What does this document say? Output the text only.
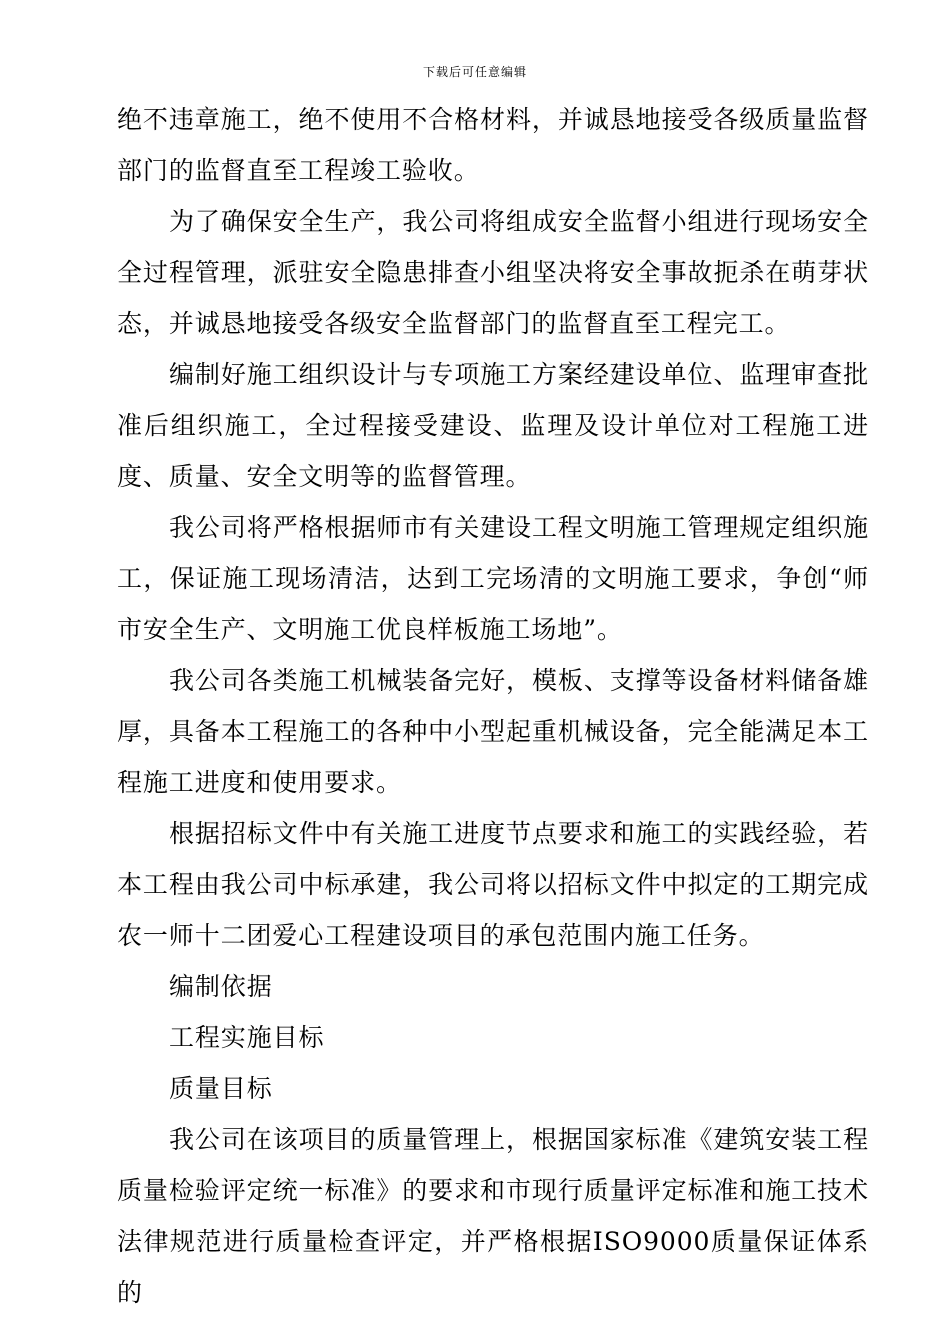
下载后可任意编辑

绝不违章施工，绝不使用不合格材料，并诚恳地接受各级质量监督部门的监督直至工程竣工验收。

为了确保安全生产，我公司将组成安全监督小组进行现场安全全过程管理，派驻安全隐患排查小组坚决将安全事故扼杀在萌芽状态，并诚恳地接受各级安全监督部门的监督直至工程完工。

编制好施工组织设计与专项施工方案经建设单位、监理审查批准后组织施工，全过程接受建设、监理及设计单位对工程施工进度、质量、安全文明等的监督管理。

我公司将严格根据师市有关建设工程文明施工管理规定组织施工，保证施工现场清洁，达到工完场清的文明施工要求，争创“师市安全生产、文明施工优良样板施工场地”。

我公司各类施工机械装备完好，模板、支撑等设备材料储备雄厚，具备本工程施工的各种中小型起重机械设备，完全能满足本工程施工进度和使用要求。

根据招标文件中有关施工进度节点要求和施工的实践经验，若本工程由我公司中标承建，我公司将以招标文件中拟定的工期完成农一师十二团爱心工程建设项目的承包范围内施工任务。

编制依据

工程实施目标

质量目标

我公司在该项目的质量管理上，根据国家标准《建筑安装工程质量检验评定统一标准》的要求和市现行质量评定标准和施工技术法律规范进行质量检查评定，并严格根据ISO9000质量保证体系的
